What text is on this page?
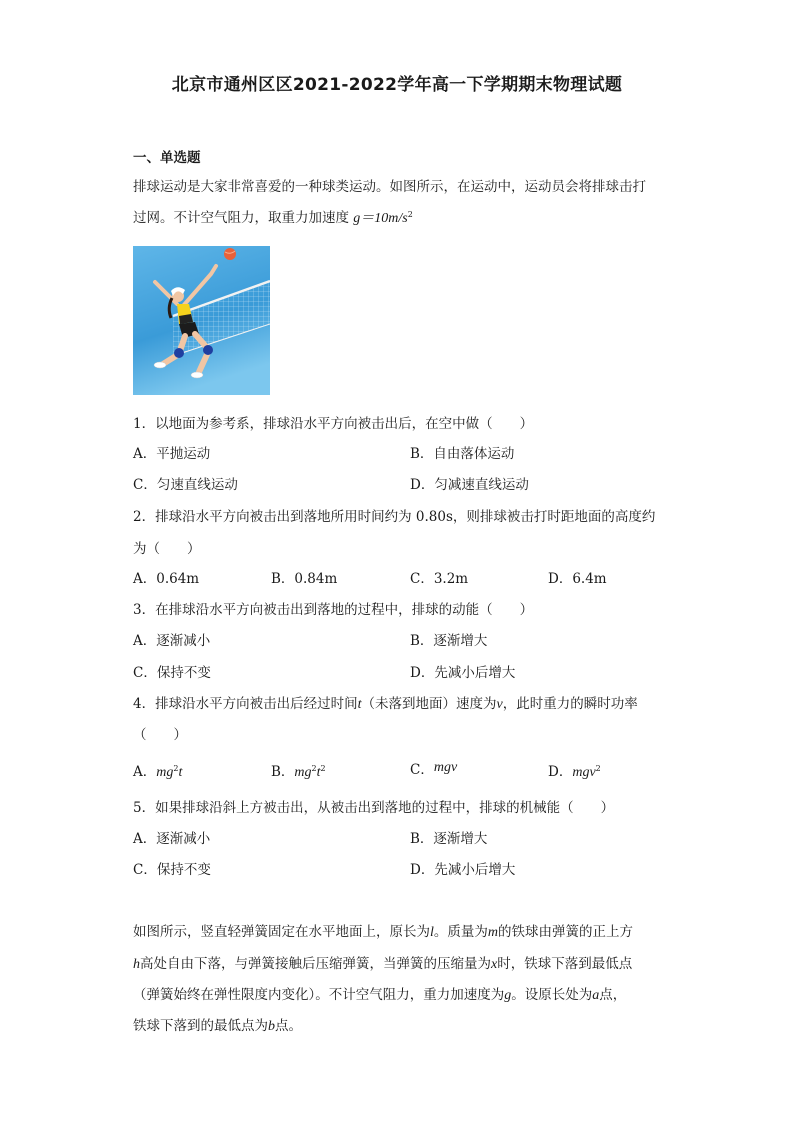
北京市通州区区2021-2022学年高一下学期期末物理试题
一、单选题
排球运动是大家非常喜爱的一种球类运动。如图所示，在运动中，运动员会将排球击打
过网。不计空气阻力，取重力加速度 $g=10m/s^2$
1．以地面为参考系，排球沿水平方向被击出后，在空中做（　　）
A．平抛运动	B．自由落体运动
C．匀速直线运动	D．匀减速直线运动
2．排球沿水平方向被击出到落地所用时间约为 0.80s，则排球被击打时距地面的高度约
为（　　）
A．0.64m	B．0.84m	C．3.2m	D．6.4m
3．在排球沿水平方向被击出到落地的过程中，排球的动能（　　）
A．逐渐减小	B．逐渐增大
C．保持不变	D．先减小后增大
4．排球沿水平方向被击出后经过时间t（未落到地面）速度为v，此时重力的瞬时功率
（　　）
A．$mg^2t$	B．$mg^2t^2$	C．mgv	D．mgv$^2$
5．如果排球沿斜上方被击出，从被击出到落地的过程中，排球的机械能（　　）
A．逐渐减小	B．逐渐增大
C．保持不变	D．先减小后增大
如图所示，竖直轻弹簧固定在水平地面上，原长为l。质量为m的铁球由弹簧的正上方
h高处自由下落，与弹簧接触后压缩弹簧，当弹簧的压缩量为x时，铁球下落到最低点
（弹簧始终在弹性限度内变化）。不计空气阻力，重力加速度为g。设原长处为a点，
铁球下落到的最低点为b点。
